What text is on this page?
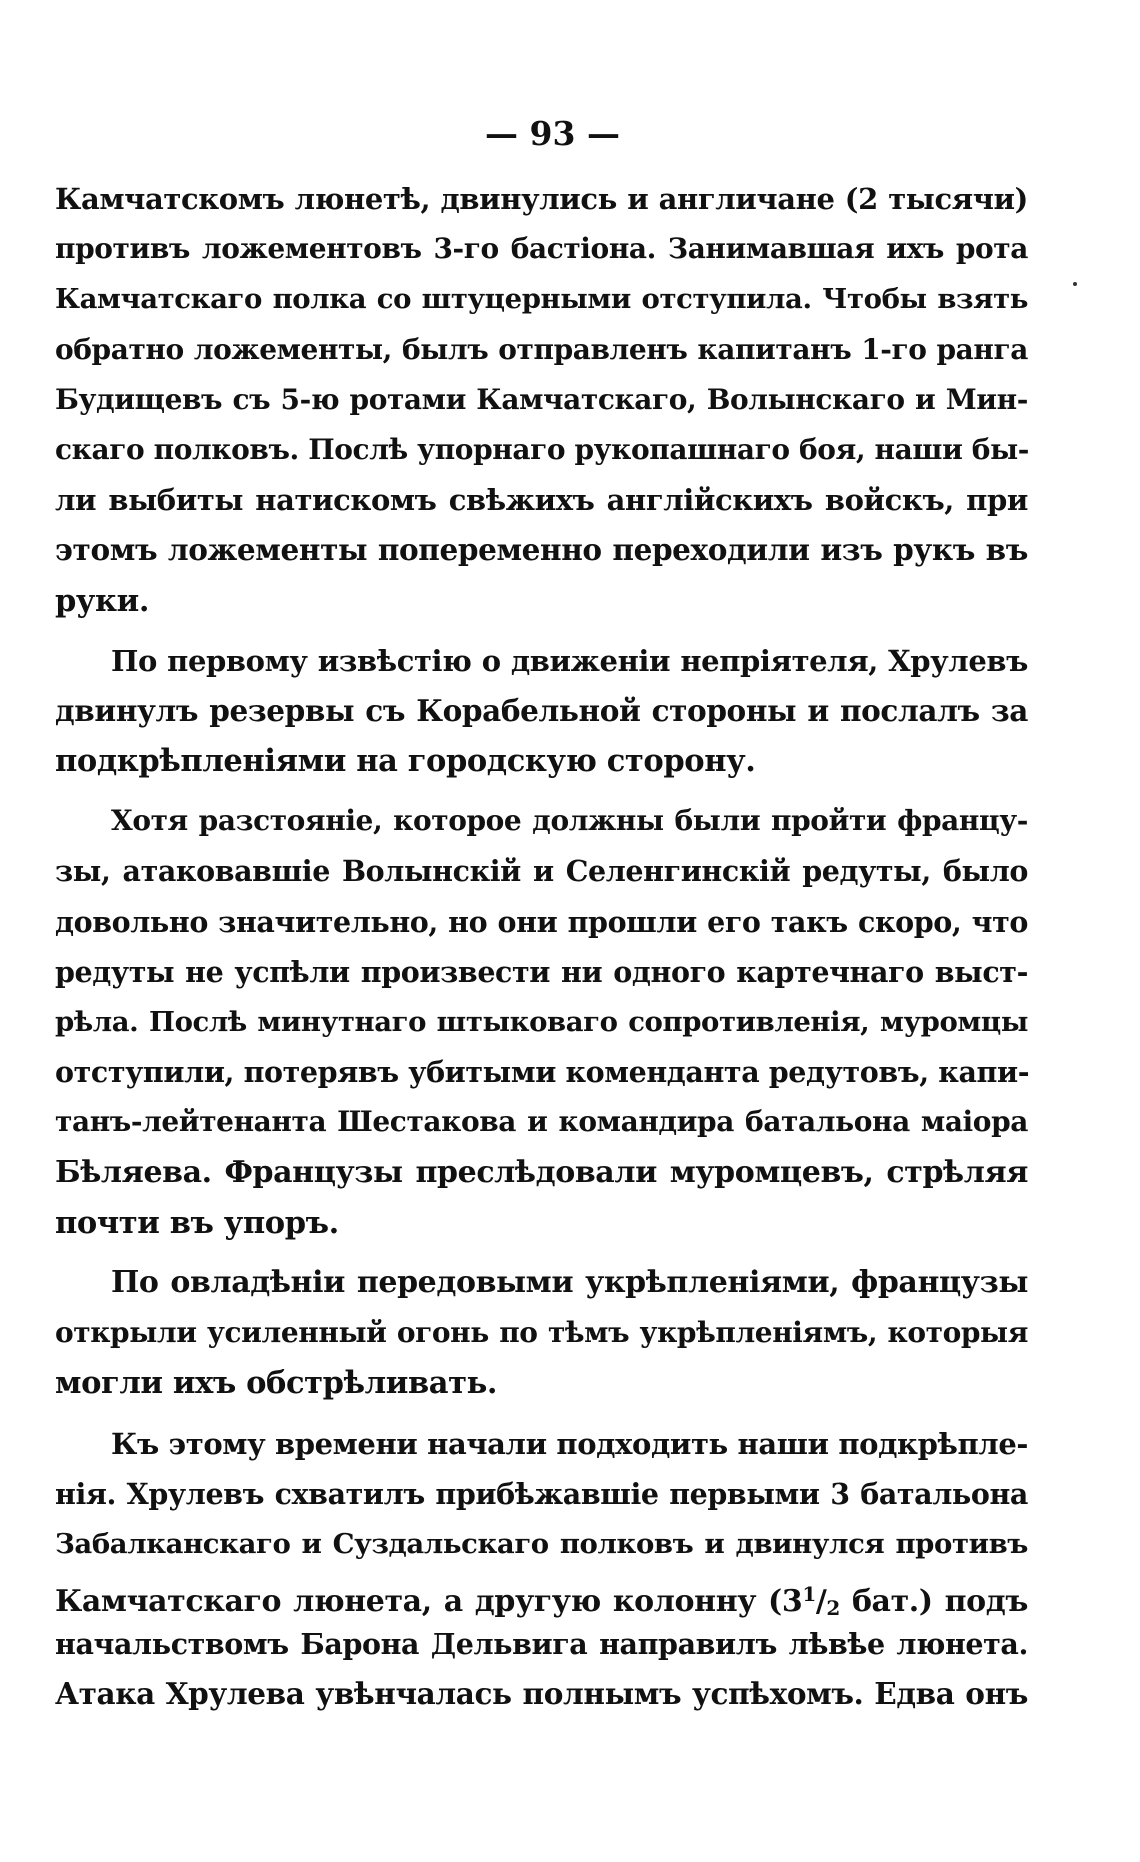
— 93 —
Камчатскомъ люнетѣ, двинулись и англичане (2 тысячи)
противъ ложементовъ 3-го бастіона. Занимавшая ихъ рота
Камчатскаго полка со штуцерными отступила. Чтобы взять
обратно ложементы, былъ отправленъ капитанъ 1-го ранга
Будищевъ съ 5-ю ротами Камчатскаго, Волынскаго и Мин-
скаго полковъ. Послѣ упорнаго рукопашнаго боя, наши бы-
ли выбиты натискомъ свѣжихъ англійскихъ войскъ, при
этомъ ложементы попеременно переходили изъ рукъ въ
руки.
По первому извѣстію о движеніи непріятеля, Хрулевъ
двинулъ резервы съ Корабельной стороны и послалъ за
подкрѣпленіями на городскую сторону.
Хотя разстояніе, которое должны были пройти францу-
зы, атаковавшіе Волынскій и Селенгинскій редуты, было
довольно значительно, но они прошли его такъ скоро, что
редуты не успѣли произвести ни одного картечнаго выст-
рѣла. Послѣ минутнаго штыковаго сопротивленія, муромцы
отступили, потерявъ убитыми коменданта редутовъ, капи-
танъ-лейтенанта Шестакова и командира батальона маіора
Бѣляева. Французы преслѣдовали муромцевъ, стрѣляя
почти въ упоръ.
По овладѣніи передовыми укрѣпленіями, французы
открыли усиленный огонь по тѣмъ укрѣпленіямъ, которыя
могли ихъ обстрѣливать.
Къ этому времени начали подходить наши подкрѣпле-
нія. Хрулевъ схватилъ прибѣжавшіе первыми 3 батальона
Забалканскаго и Суздальскаго полковъ и двинулся противъ
Камчатскаго люнета, а другую колонну ($3^1/_2$ бат.) подъ
начальствомъ Барона Дельвига направилъ лѣвѣе люнета.
Атака Хрулева увѣнчалась полнымъ успѣхомъ. Едва онъ
